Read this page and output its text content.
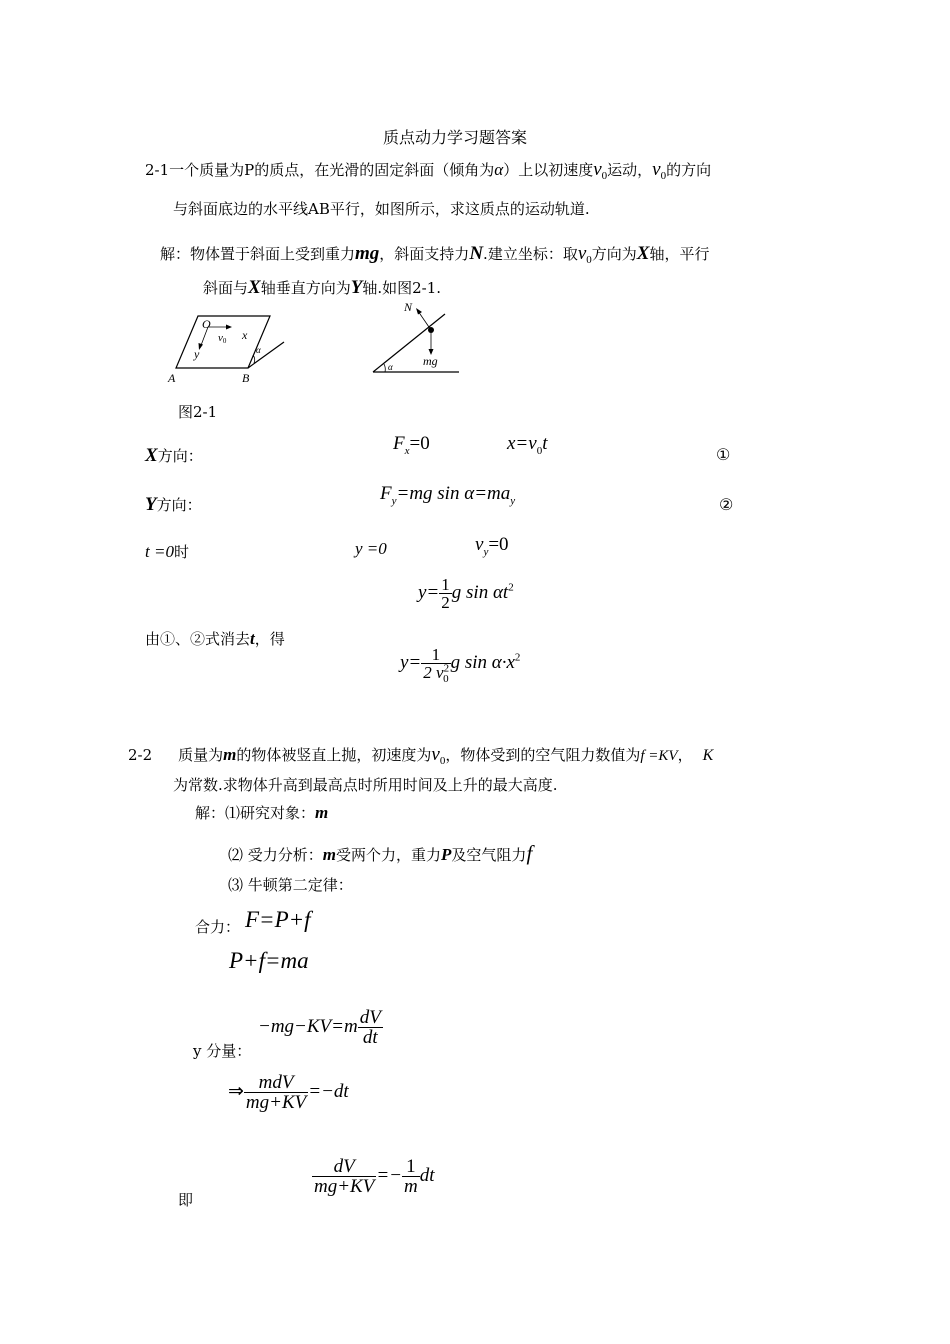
质点动力学习题答案
2-1一个质量为P的质点，在光滑的固定斜面（倾角为α）上以初速度$v_0$运动，$v_0$的方向
与斜面底边的水平线AB平行，如图所示，求这质点的运动轨道.
解：物体置于斜面上受到重力mg，斜面支持力N.建立坐标：取$v_0$方向为X轴，平行
斜面与X轴垂直方向为Y轴.如图2-1.
O
x
v0
y
A	B
α
N
mg
α
图2-1
X方向：
$F_x=0$	$x=v_0t$
①
Y方向：
$F_y=mg$ $\sin \alpha=ma_y$	②
t =0时	y =0	$v_y=0$
$y= \frac{1}{2}$ g $\sin \alpha t^2$
由①、②式消去t，得
$y= \frac{1}{2 v^2_0}$ g $\sin \alpha\cdot x^2$
2-2 质量为m的物体被竖直上抛，初速度为$v_0$，物体受到的空气阻力数值为f =KV， K
为常数.求物体升高到最高点时所用时间及上升的最大高度.
解：⑴研究对象：m
⑵ 受力分析：m受两个力，重力P及空气阻力f
⑶ 牛顿第二定律：
合力： F=P+f
P+f=ma
$-mg-KV=m \frac{dV}{dt}$
y 分量：
⇒ $\frac{\text{mdV}}{mg+KV} =-dt$
$\frac{dV}{mg+KV} =- \frac{1}{m}$ dt
即
